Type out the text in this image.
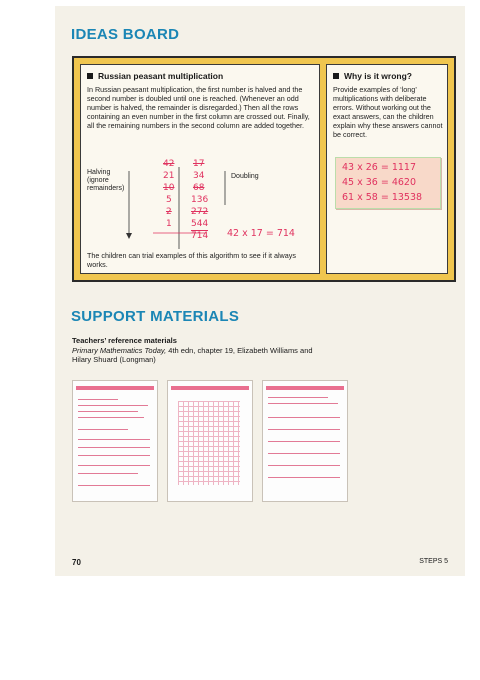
IDEAS BOARD
Russian peasant multiplication
In Russian peasant multiplication, the first number is halved and the second number is doubled until one is reached. (Whenever an odd number is halved, the remainder is disregarded.) Then all the rows containing an even number in the first column are crossed out. Finally, all the remaining numbers in the second column are added together.
Halving (ignore remainders)
Doubling
42 17
21 34
10 68
5 136
2 272
1 544
714 42 x 17 = 714
The children can trial examples of this algorithm to see if it always works.
Why is it wrong?
Provide examples of ‘long’ multiplications with deliberate errors. Without working out the exact answers, can the children explain why these answers cannot be correct.
43 x 26 = 1117
45 x 36 = 4620
61 x 58 = 13538
SUPPORT MATERIALS
Teachers’ reference materials
Primary Mathematics Today, 4th edn, chapter 19, Elizabeth Williams and Hilary Shuard (Longman)
70	STEPS 5
